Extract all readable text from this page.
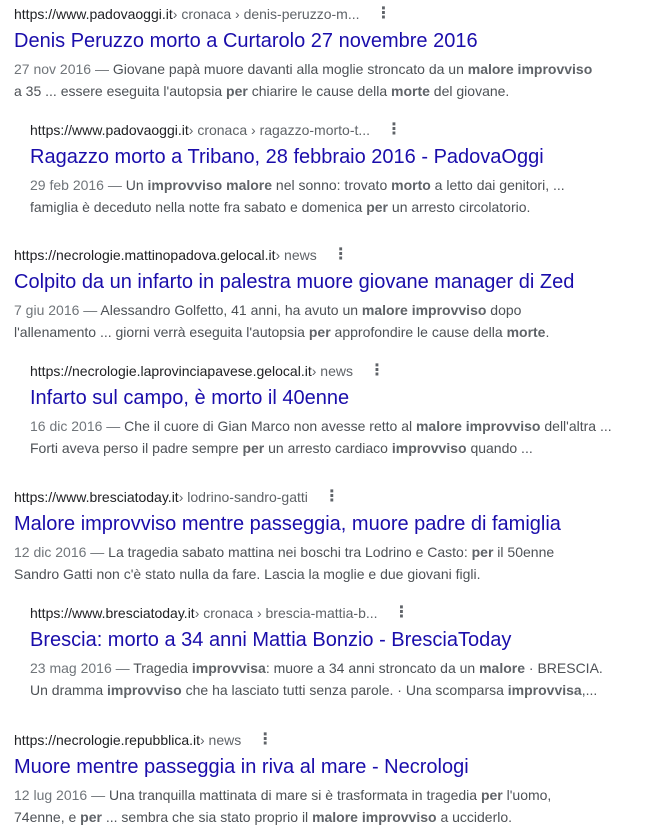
https://www.padovaoggi.it › cronaca › denis-peruzzo-m... ⋮
Denis Peruzzo morto a Curtarolo 27 novembre 2016
27 nov 2016 — Giovane papà muore davanti alla moglie stroncato da un malore improvviso
a 35 ... essere eseguita l'autopsia per chiarire le cause della morte del giovane.
https://www.padovaoggi.it › cronaca › ragazzo-morto-t... ⋮
Ragazzo morto a Tribano, 28 febbraio 2016 - PadovaOggi
29 feb 2016 — Un improvviso malore nel sonno: trovato morto a letto dai genitori, ...
famiglia è deceduto nella notte fra sabato e domenica per un arresto circolatorio.
https://necrologie.mattinopadova.gelocal.it › news ⋮
Colpito da un infarto in palestra muore giovane manager di Zed
7 giu 2016 — Alessandro Golfetto, 41 anni, ha avuto un malore improvviso dopo
l'allenamento ... giorni verrà eseguita l'autopsia per approfondire le cause della morte.
https://necrologie.laprovinciapavese.gelocal.it › news ⋮
Infarto sul campo, è morto il 40enne
16 dic 2016 — Che il cuore di Gian Marco non avesse retto al malore improvviso dell'altra ...
Forti aveva perso il padre sempre per un arresto cardiaco improvviso quando ...
https://www.bresciatoday.it › lodrino-sandro-gatti ⋮
Malore improvviso mentre passeggia, muore padre di famiglia
12 dic 2016 — La tragedia sabato mattina nei boschi tra Lodrino e Casto: per il 50enne
Sandro Gatti non c'è stato nulla da fare. Lascia la moglie e due giovani figli.
https://www.bresciatoday.it › cronaca › brescia-mattia-b... ⋮
Brescia: morto a 34 anni Mattia Bonzio - BresciaToday
23 mag 2016 — Tragedia improvvisa: muore a 34 anni stroncato da un malore · BRESCIA.
Un dramma improvviso che ha lasciato tutti senza parole. · Una scomparsa improvvisa,...
https://necrologie.repubblica.it › news ⋮
Muore mentre passeggia in riva al mare - Necrologi
12 lug 2016 — Una tranquilla mattinata di mare si è trasformata in tragedia per l'uomo,
74enne, e per ... sembra che sia stato proprio il malore improvviso a ucciderlo.
